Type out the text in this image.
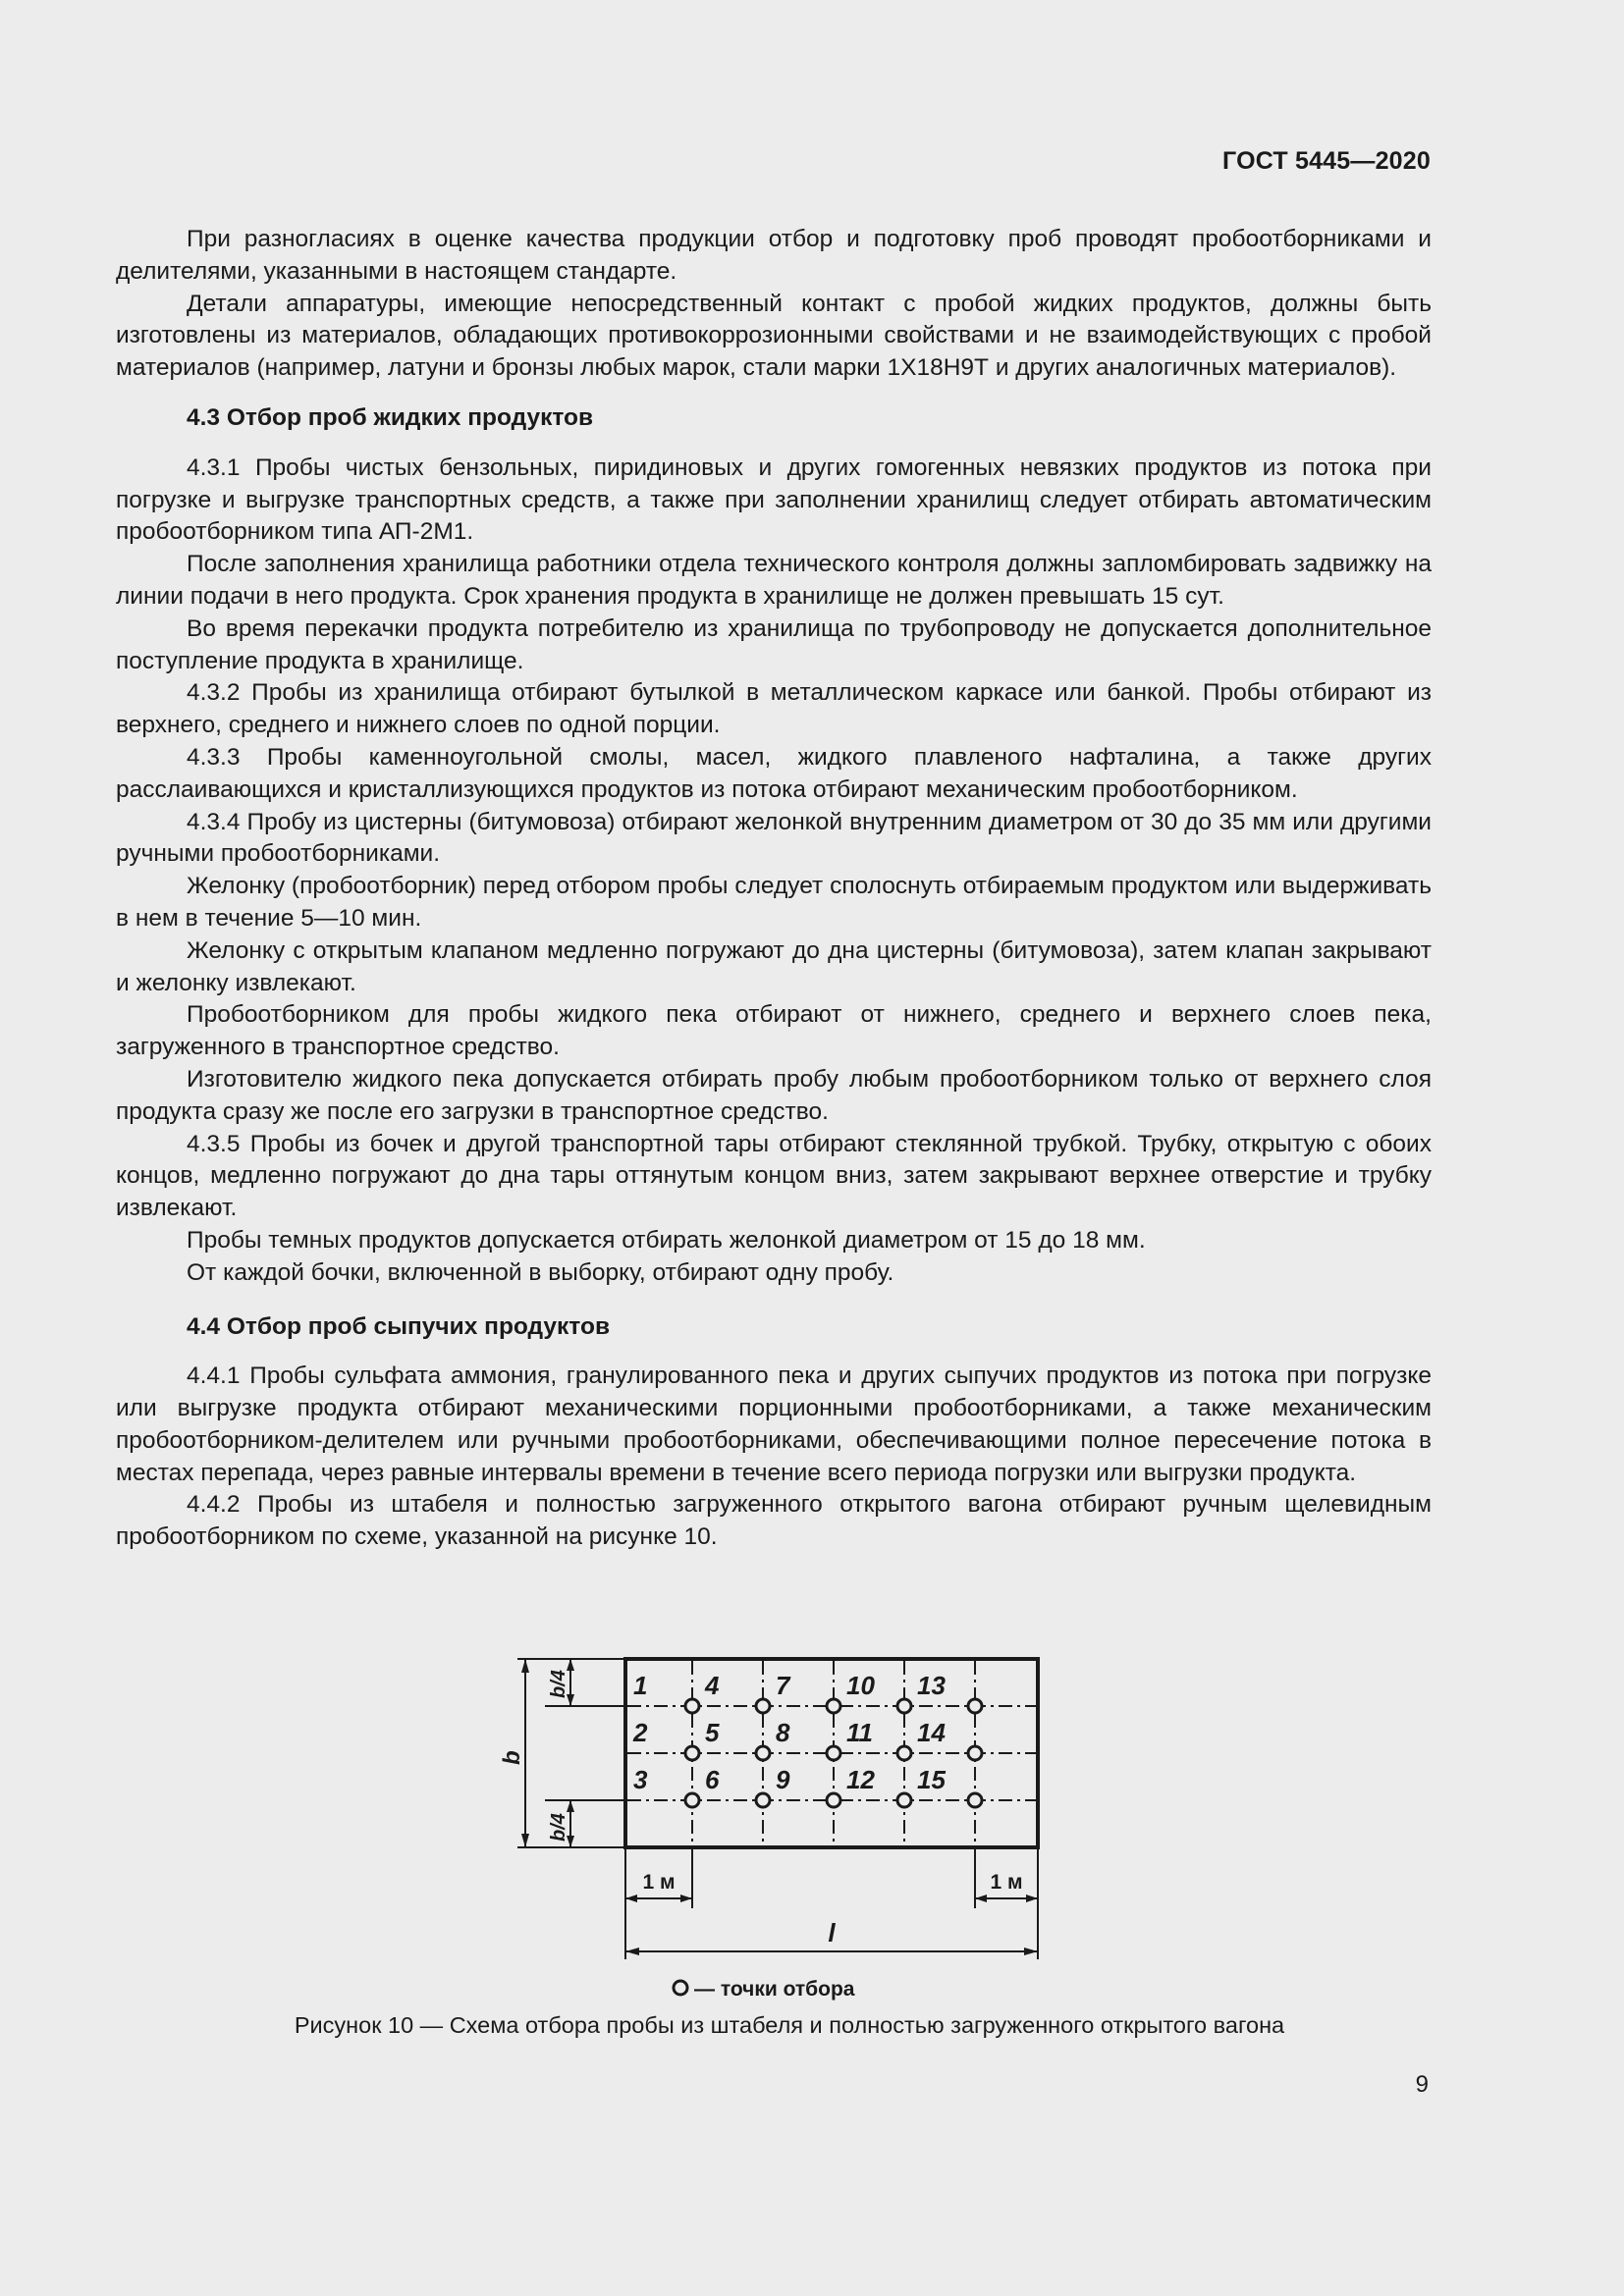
ГОСТ 5445—2020

При разногласиях в оценке качества продукции отбор и подготовку проб проводят пробоотборниками и делителями, указанными в настоящем стандарте.

Детали аппаратуры, имеющие непосредственный контакт с пробой жидких продуктов, должны быть изготовлены из материалов, обладающих противокоррозионными свойствами и не взаимодействующих с пробой материалов (например, латуни и бронзы любых марок, стали марки 1Х18Н9Т и других аналогичных материалов).

4.3 Отбор проб жидких продуктов

4.3.1 Пробы чистых бензольных, пиридиновых и других гомогенных невязких продуктов из потока при погрузке и выгрузке транспортных средств, а также при заполнении хранилищ следует отбирать автоматическим пробоотборником типа АП-2М1.

После заполнения хранилища работники отдела технического контроля должны запломбировать задвижку на линии подачи в него продукта. Срок хранения продукта в хранилище не должен превышать 15 сут.

Во время перекачки продукта потребителю из хранилища по трубопроводу не допускается дополнительное поступление продукта в хранилище.

4.3.2 Пробы из хранилища отбирают бутылкой в металлическом каркасе или банкой. Пробы отбирают из верхнего, среднего и нижнего слоев по одной порции.

4.3.3 Пробы каменноугольной смолы, масел, жидкого плавленого нафталина, а также других расслаивающихся и кристаллизующихся продуктов из потока отбирают механическим пробоотборником.

4.3.4 Пробу из цистерны (битумовоза) отбирают желонкой внутренним диаметром от 30 до 35 мм или другими ручными пробоотборниками.

Желонку (пробоотборник) перед отбором пробы следует сполоснуть отбираемым продуктом или выдерживать в нем в течение 5—10 мин.

Желонку с открытым клапаном медленно погружают до дна цистерны (битумовоза), затем клапан закрывают и желонку извлекают.

Пробоотборником для пробы жидкого пека отбирают от нижнего, среднего и верхнего слоев пека, загруженного в транспортное средство.

Изготовителю жидкого пека допускается отбирать пробу любым пробоотборником только от верхнего слоя продукта сразу же после его загрузки в транспортное средство.

4.3.5 Пробы из бочек и другой транспортной тары отбирают стеклянной трубкой. Трубку, открытую с обоих концов, медленно погружают до дна тары оттянутым концом вниз, затем закрывают верхнее отверстие и трубку извлекают.

Пробы темных продуктов допускается отбирать желонкой диаметром от 15 до 18 мм.

От каждой бочки, включенной в выборку, отбирают одну пробу.

4.4 Отбор проб сыпучих продуктов

4.4.1 Пробы сульфата аммония, гранулированного пека и других сыпучих продуктов из потока при погрузке или выгрузке продукта отбирают механическими порционными пробоотборниками, а также механическим пробоотборником-делителем или ручными пробоотборниками, обеспечивающими полное пересечение потока в местах перепада, через равные интервалы времени в течение всего периода погрузки или выгрузки продукта.

4.4.2 Пробы из штабеля и полностью загруженного открытого вагона отбирают ручным щелевидным пробоотборником по схеме, указанной на рисунке 10.

1
2
3
4
5
6
7
8
9
10
11
12
13
14
15
b
b/4
b/4
1 м	1 м
l
— точки отбора
Рисунок 10 — Схема отбора пробы из штабеля и полностью загруженного открытого вагона
9
